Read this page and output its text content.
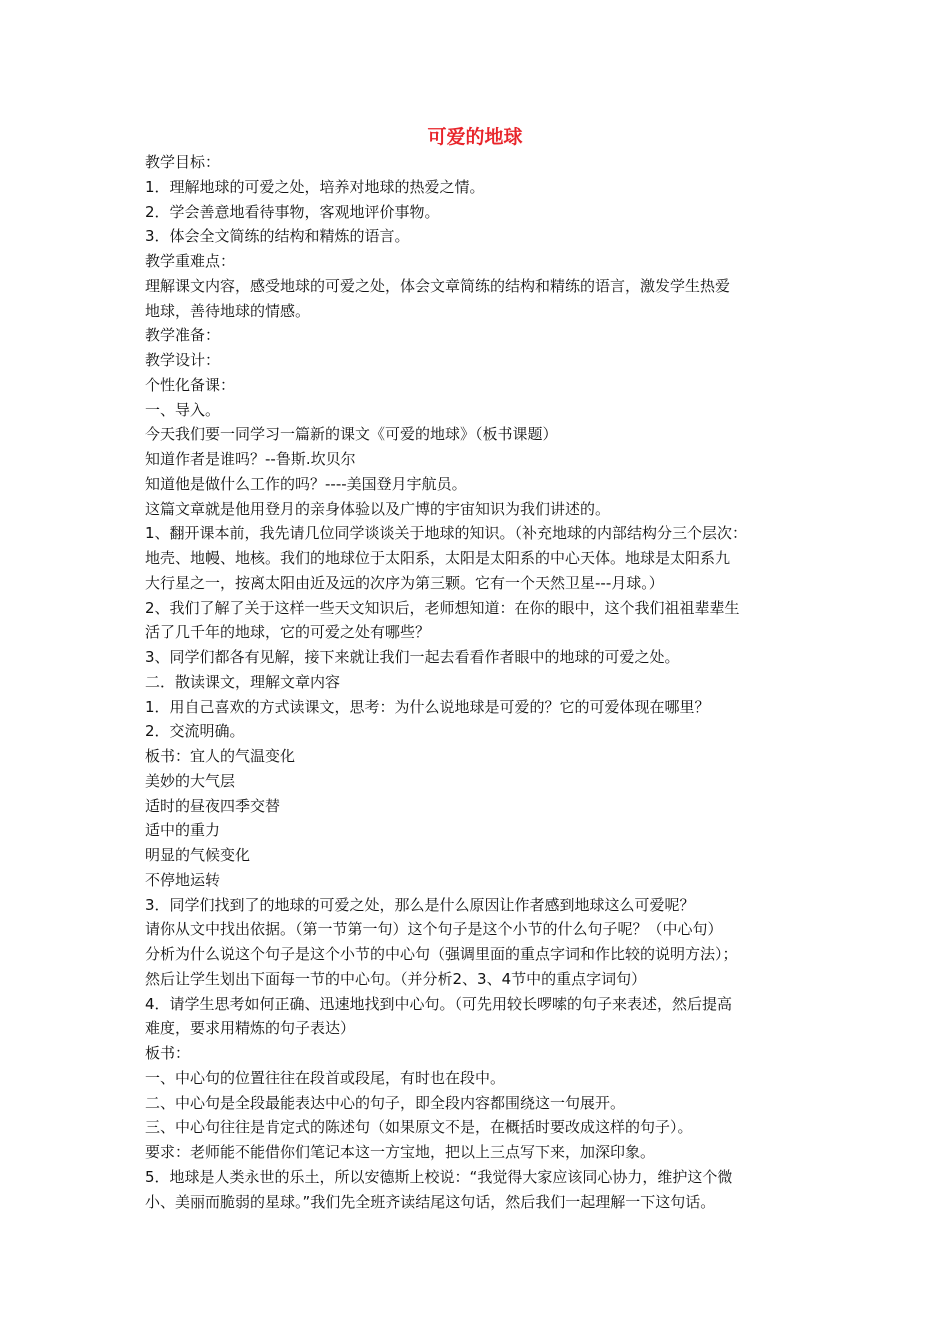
可爱的地球
教学目标：
1．理解地球的可爱之处，培养对地球的热爱之情。
2．学会善意地看待事物，客观地评价事物。
3．体会全文简练的结构和精炼的语言。
教学重难点：
理解课文内容，感受地球的可爱之处，体会文章简练的结构和精练的语言，激发学生热爱
地球，善待地球的情感。
教学准备：
教学设计：
个性化备课：
一、导入。
今天我们要一同学习一篇新的课文《可爱的地球》（板书课题）
知道作者是谁吗？--鲁斯.坎贝尔
知道他是做什么工作的吗？----美国登月宇航员。
这篇文章就是他用登月的亲身体验以及广博的宇宙知识为我们讲述的。
1、翻开课本前，我先请几位同学谈谈关于地球的知识。（补充地球的内部结构分三个层次：
地壳、地幔、地核。我们的地球位于太阳系，太阳是太阳系的中心天体。地球是太阳系九
大行星之一，按离太阳由近及远的次序为第三颗。它有一个天然卫星---月球。）
2、我们了解了关于这样一些天文知识后，老师想知道：在你的眼中，这个我们祖祖辈辈生
活了几千年的地球，它的可爱之处有哪些？
3、同学们都各有见解，接下来就让我们一起去看看作者眼中的地球的可爱之处。
二．散读课文，理解文章内容
1．用自己喜欢的方式读课文，思考：为什么说地球是可爱的？它的可爱体现在哪里？
2．交流明确。
板书：宜人的气温变化
美妙的大气层
适时的昼夜四季交替
适中的重力
明显的气候变化
不停地运转
3．同学们找到了的地球的可爱之处，那么是什么原因让作者感到地球这么可爱呢？
请你从文中找出依据。（第一节第一句）这个句子是这个小节的什么句子呢？（中心句）
分析为什么说这个句子是这个小节的中心句（强调里面的重点字词和作比较的说明方法）；
然后让学生划出下面每一节的中心句。（并分析2、3、4节中的重点字词句）
4．请学生思考如何正确、迅速地找到中心句。（可先用较长啰嗦的句子来表述，然后提高
难度，要求用精炼的句子表达）
板书：
一、中心句的位置往往在段首或段尾，有时也在段中。
二、中心句是全段最能表达中心的句子，即全段内容都围绕这一句展开。
三、中心句往往是肯定式的陈述句（如果原文不是，在概括时要改成这样的句子）。
要求：老师能不能借你们笔记本这一方宝地，把以上三点写下来，加深印象。
5．地球是人类永世的乐土，所以安德斯上校说：“我觉得大家应该同心协力，维护这个微
小、美丽而脆弱的星球。”我们先全班齐读结尾这句话，然后我们一起理解一下这句话。
